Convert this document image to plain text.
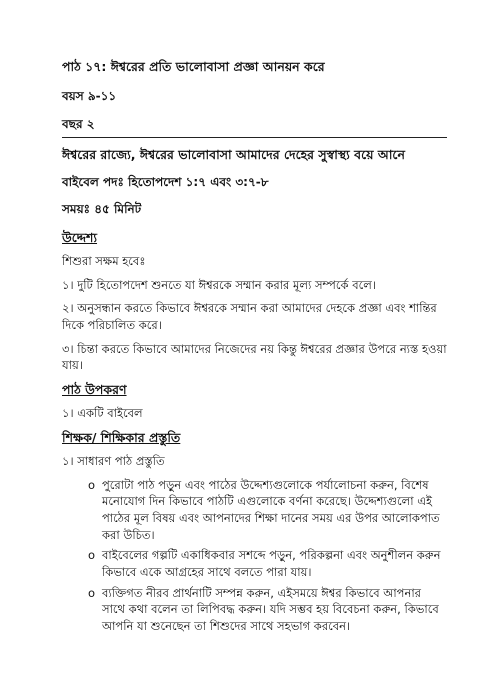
পাঠ ১৭: ঈশ্বরের প্রতি ভালোবাসা প্রজ্ঞা আনয়ন করে

বয়স ৯-১১

বছর ২

ঈশ্বরের রাজ্যে, ঈশ্বরের ভালোবাসা আমাদের দেহের সুস্বাস্থ্য বয়ে আনে

বাইবেল পদঃ হিতোপদেশ ১:৭ এবং ৩:৭-৮

সময়ঃ ৪৫ মিনিট

উদ্দেশ্য

শিশুরা সক্ষম হবেঃ

১। দুটি হিতোপদেশ শুনতে যা ঈশ্বরকে সম্মান করার মূল্য সম্পর্কে বলে।

২। অনুসন্ধান করতে কিভাবে ঈশ্বরকে সম্মান করা আমাদের দেহকে প্রজ্ঞা এবং শান্তির দিকে পরিচালিত করে।

৩। চিন্তা করতে কিভাবে আমাদের নিজেদের নয় কিন্তু ঈশ্বরের প্রজ্ঞার উপরে ন্যস্ত হওয়া যায়।

পাঠ উপকরণ

১। একটি বাইবেল

শিক্ষক/ শিক্ষিকার প্রস্তুতি

১। সাধারণ পাঠ প্রস্তুতি

o পুরোটা পাঠ পড়ুন এবং পাঠের উদ্দেশ্যগুলোকে পর্যালোচনা করুন, বিশেষ মনোযোগ দিন কিভাবে পাঠটি এগুলোকে বর্ণনা করেছে। উদ্দেশ্যগুলো এই পাঠের মূল বিষয় এবং আপনাদের শিক্ষা দানের সময় এর উপর আলোকপাত করা উচিত।
o বাইবেলের গল্পটি একাধিকবার সশব্দে পড়ুন, পরিকল্পনা এবং অনুশীলন করুন কিভাবে একে আগ্রহের সাথে বলতে পারা যায়।
o ব্যক্তিগত নীরব প্রার্থনাটি সম্পন্ন করুন, এইসময়ে ঈশ্বর কিভাবে আপনার সাথে কথা বলেন তা লিপিবদ্ধ করুন। যদি সম্ভব হয় বিবেচনা করুন, কিভাবে আপনি যা শুনেছেন তা শিশুদের সাথে সহভাগ করবেন।
